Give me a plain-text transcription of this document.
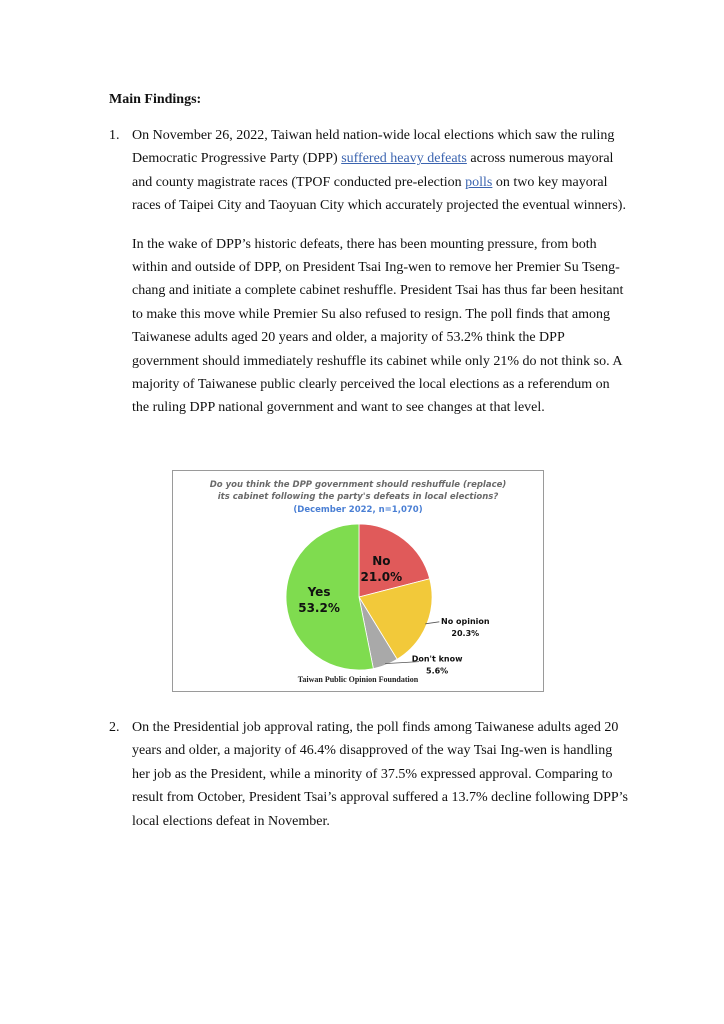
Main Findings:
1. On November 26, 2022, Taiwan held nation-wide local elections which saw the ruling Democratic Progressive Party (DPP) suffered heavy defeats across numerous mayoral and county magistrate races (TPOF conducted pre-election polls on two key mayoral races of Taipei City and Taoyuan City which accurately projected the eventual winners).
In the wake of DPP’s historic defeats, there has been mounting pressure, from both within and outside of DPP, on President Tsai Ing-wen to remove her Premier Su Tseng-chang and initiate a complete cabinet reshuffle. President Tsai has thus far been hesitant to make this move while Premier Su also refused to resign. The poll finds that among Taiwanese adults aged 20 years and older, a majority of 53.2% think the DPP government should immediately reshuffle its cabinet while only 21% do not think so. A majority of Taiwanese public clearly perceived the local elections as a referendum on the ruling DPP national government and want to see changes at that level.
Do you think the DPP government should reshuffule (replace)
its cabinet following the party's defeats in local elections?
(December 2022, n=1,070)
No
21.0%
Yes
53.2%
No opinion
20.3%
Don't know
5.6%
Taiwan Public Opinion Foundation
2. On the Presidential job approval rating, the poll finds among Taiwanese adults aged 20 years and older, a majority of 46.4% disapproved of the way Tsai Ing-wen is handling her job as the President, while a minority of 37.5% expressed approval. Comparing to result from October, President Tsai’s approval suffered a 13.7% decline following DPP’s local elections defeat in November.
